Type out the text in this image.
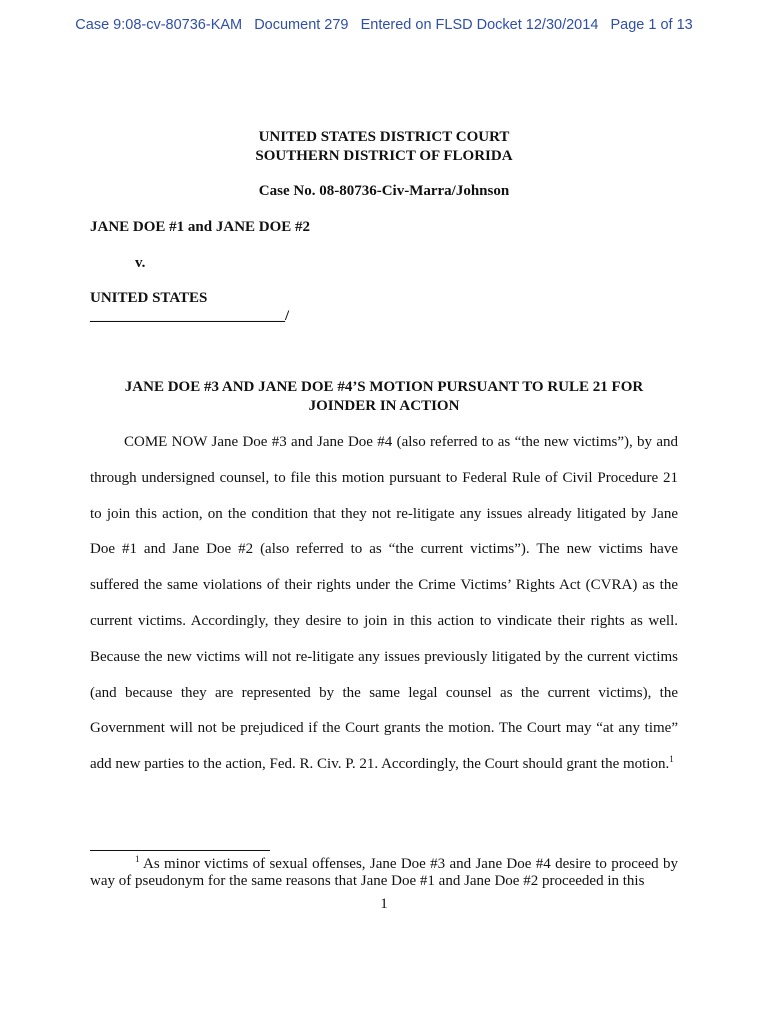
Case 9:08-cv-80736-KAM   Document 279   Entered on FLSD Docket 12/30/2014   Page 1 of 13
UNITED STATES DISTRICT COURT
SOUTHERN DISTRICT OF FLORIDA
Case No. 08-80736-Civ-Marra/Johnson
JANE DOE #1 and JANE DOE #2
v.
UNITED STATES
__________________________/
JANE DOE #3 AND JANE DOE #4’S MOTION PURSUANT TO RULE 21 FOR
JOINDER IN ACTION

COME NOW Jane Doe #3 and Jane Doe #4 (also referred to as “the new victims”), by and through undersigned counsel, to file this motion pursuant to Federal Rule of Civil Procedure 21 to join this action, on the condition that they not re-litigate any issues already litigated by Jane Doe #1 and Jane Doe #2 (also referred to as “the current victims”). The new victims have suffered the same violations of their rights under the Crime Victims’ Rights Act (CVRA) as the current victims. Accordingly, they desire to join in this action to vindicate their rights as well. Because the new victims will not re-litigate any issues previously litigated by the current victims (and because they are represented by the same legal counsel as the current victims), the Government will not be prejudiced if the Court grants the motion. The Court may “at any time” add new parties to the action, Fed. R. Civ. P. 21. Accordingly, the Court should grant the motion.$^1$

$^1$ As minor victims of sexual offenses, Jane Doe #3 and Jane Doe #4 desire to proceed by way of pseudonym for the same reasons that Jane Doe #1 and Jane Doe #2 proceeded in this

1
